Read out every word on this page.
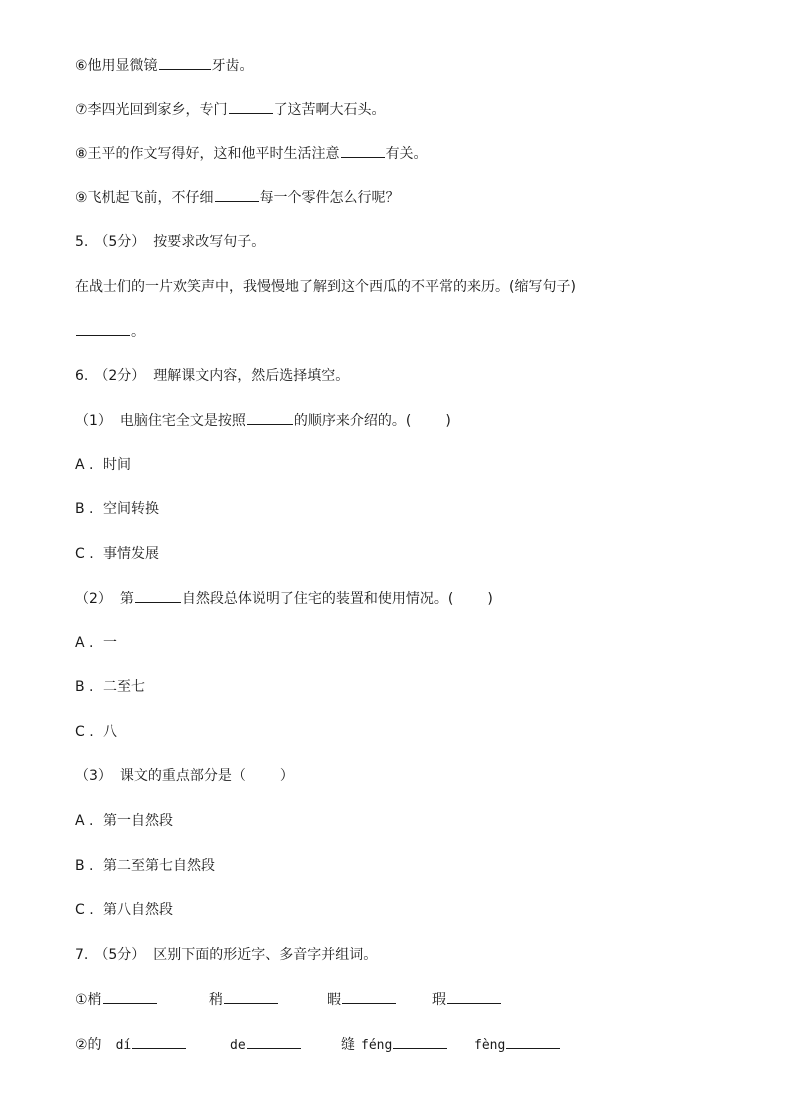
⑥他用显微镜	牙齿。
⑦李四光回到家乡，专门	了这苦啊大石头。
⑧王平的作文写得好，这和他平时生活注意	有关。
⑨飞机起飞前，不仔细	每一个零件怎么行呢？
5. （5分） 按要求改写句子。
在战士们的一片欢笑声中，我慢慢地了解到这个西瓜的不平常的来历。(缩写句子)
。
6. （2分） 理解课文内容，然后选择填空。
（1） 电脑住宅全文是按照	的顺序来介绍的。( )
A . 时间
B . 空间转换
C . 事情发展
（2） 第	自然段总体说明了住宅的装置和使用情况。( )
A . 一
B . 二至七
C . 八
（3） 课文的重点部分是（ ）
A . 第一自然段
B . 第二至第七自然段
C . 第八自然段
7. （5分） 区别下面的形近字、多音字并组词。
①梢	稍	暇	瑕
②的 dí	de	缝 féng	fèng
